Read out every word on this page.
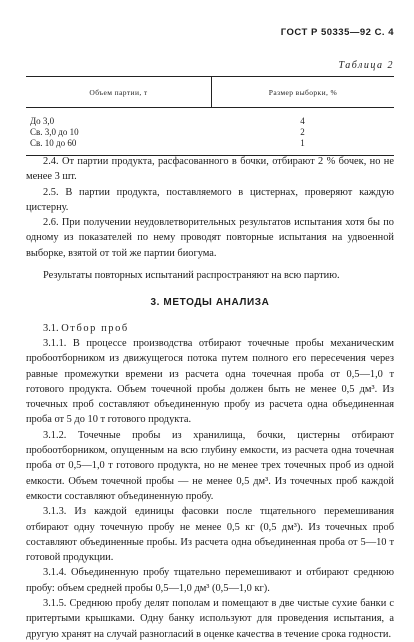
ГОСТ Р 50335—92 С. 4
Таблица 2
Объем партии, т	Размер выборки, %
До 3,0	4
Св. 3,0 до 10	2
Св. 10 до 60	1

2.4. От партии продукта, расфасованного в бочки, отбирают 2 % бочек, но не менее 3 шт.

2.5. В партии продукта, поставляемого в цистернах, проверяют каждую цистерну.

2.6. При получении неудовлетворительных результатов испытания хотя бы по одному из показателей по нему проводят повторные испытания на удвоенной выборке, взятой от той же партии биогума.

Результаты повторных испытаний распространяют на всю партию.

3. МЕТОДЫ АНАЛИЗА

3.1. Отбор проб

3.1.1. В процессе производства отбирают точечные пробы механическим пробоотборником из движущегося потока путем полного его пересечения через равные промежутки времени из расчета одна точечная проба от 0,5—1,0 т готового продукта. Объем точечной пробы должен быть не менее 0,5 дм³. Из точечных проб составляют объединенную пробу из расчета одна объединенная проба от 5 до 10 т готового продукта.

3.1.2. Точечные пробы из хранилища, бочки, цистерны отбирают пробоотборником, опущенным на всю глубину емкости, из расчета одна точечная проба от 0,5—1,0 т готового продукта, но не менее трех точечных проб из одной емкости. Объем точечной пробы — не менее 0,5 дм³. Из точечных проб каждой емкости составляют объединенную пробу.

3.1.3. Из каждой единицы фасовки после тщательного перемешивания отбирают одну точечную пробу не менее 0,5 кг (0,5 дм³). Из точечных проб составляют объединенные пробы. Из расчета одна объединенная проба от 5—10 т готовой продукции.

3.1.4. Объединенную пробу тщательно перемешивают и отбирают среднюю пробу: объем средней пробы 0,5—1,0 дм³ (0,5—1,0 кг).

3.1.5. Среднюю пробу делят пополам и помещают в две чистые сухие банки с притертыми крышками. Одну банку используют для проведения испытания, а другую хранят на случай разногласий в оценке качества в течение срока годности.
